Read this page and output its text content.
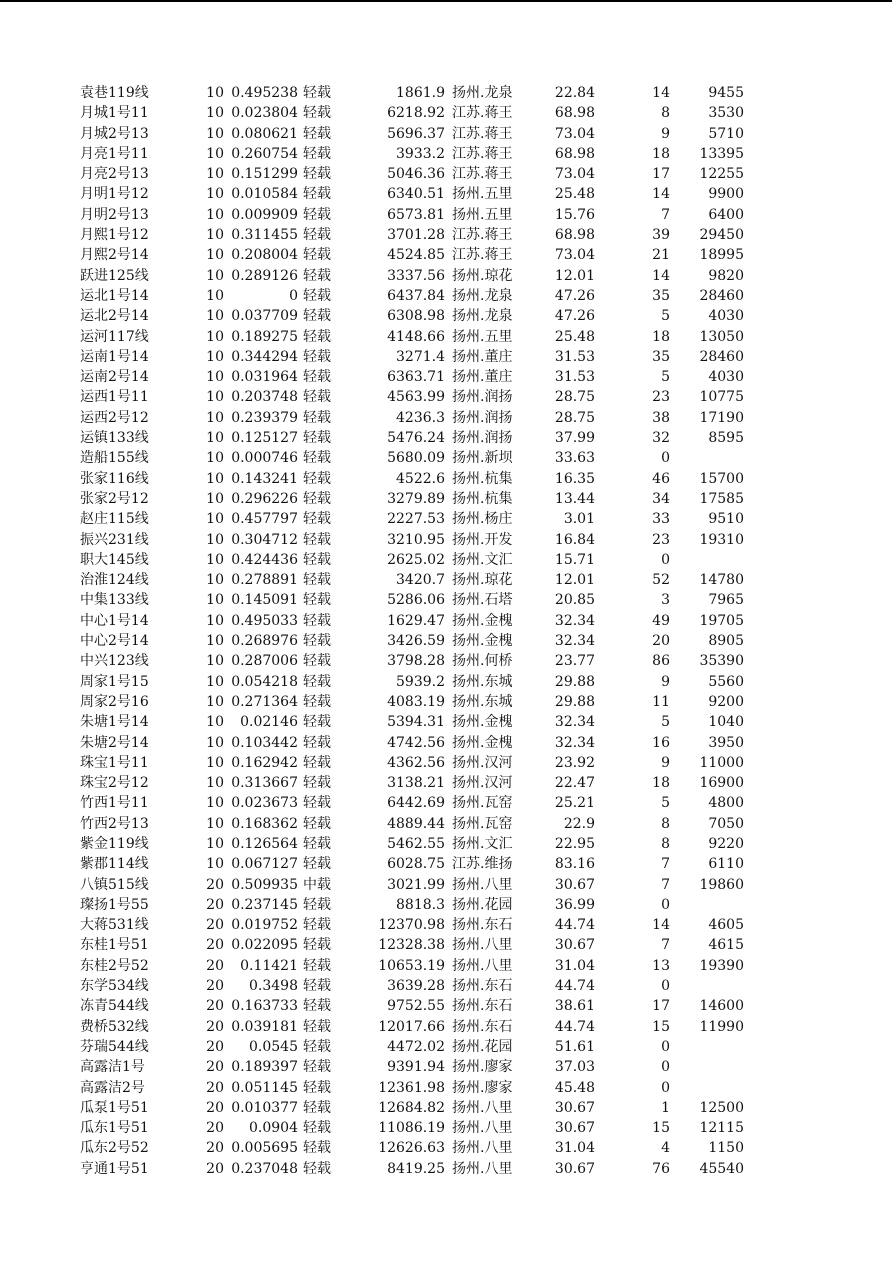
袁巷119线	10 0.495238 轻载	1861.9 扬州.龙泉	22.84	14	9455
月城1号11	10 0.023804 轻载	6218.92 江苏.蒋王	68.98	8	3530
月城2号13	10 0.080621 轻载	5696.37 江苏.蒋王	73.04	9	5710
月亮1号11	10 0.260754 轻载	3933.2 江苏.蒋王	68.98	18	13395
月亮2号13	10 0.151299 轻载	5046.36 江苏.蒋王	73.04	17	12255
月明1号12	10 0.010584 轻载	6340.51 扬州.五里	25.48	14	9900
月明2号13	10 0.009909 轻载	6573.81 扬州.五里	15.76	7	6400
月熙1号12	10 0.311455 轻载	3701.28 江苏.蒋王	68.98	39	29450
月熙2号14	10 0.208004 轻载	4524.85 江苏.蒋王	73.04	21	18995
跃进125线	10 0.289126 轻载	3337.56 扬州.琼花	12.01	14	9820
运北1号14	10	0 轻载	6437.84 扬州.龙泉	47.26	35	28460
运北2号14	10 0.037709 轻载	6308.98 扬州.龙泉	47.26	5	4030
运河117线	10 0.189275 轻载	4148.66 扬州.五里	25.48	18	13050
运南1号14	10 0.344294 轻载	3271.4 扬州.董庄	31.53	35	28460
运南2号14	10 0.031964 轻载	6363.71 扬州.董庄	31.53	5	4030
运西1号11	10 0.203748 轻载	4563.99 扬州.润扬	28.75	23	10775
运西2号12	10 0.239379 轻载	4236.3 扬州.润扬	28.75	38	17190
运镇133线	10 0.125127 轻载	5476.24 扬州.润扬	37.99	32	8595
造船155线	10 0.000746 轻载	5680.09 扬州.新坝	33.63	0
张家116线	10 0.143241 轻载	4522.6 扬州.杭集	16.35	46	15700
张家2号12	10 0.296226 轻载	3279.89 扬州.杭集	13.44	34	17585
赵庄115线	10 0.457797 轻载	2227.53 扬州.杨庄	3.01	33	9510
振兴231线	10 0.304712 轻载	3210.95 扬州.开发	16.84	23	19310
职大145线	10 0.424436 轻载	2625.02 扬州.文汇	15.71	0
治淮124线	10 0.278891 轻载	3420.7 扬州.琼花	12.01	52	14780
中集133线	10 0.145091 轻载	5286.06 扬州.石塔	20.85	3	7965
中心1号14	10 0.495033 轻载	1629.47 扬州.金槐	32.34	49	19705
中心2号14	10 0.268976 轻载	3426.59 扬州.金槐	32.34	20	8905
中兴123线	10 0.287006 轻载	3798.28 扬州.何桥	23.77	86	35390
周家1号15	10 0.054218 轻载	5939.2 扬州.东城	29.88	9	5560
周家2号16	10 0.271364 轻载	4083.19 扬州.东城	29.88	11	9200
朱塘1号14	10	0.02146 轻载	5394.31 扬州.金槐	32.34	5	1040
朱塘2号14	10 0.103442 轻载	4742.56 扬州.金槐	32.34	16	3950
珠宝1号11	10 0.162942 轻载	4362.56 扬州.汉河	23.92	9	11000
珠宝2号12	10 0.313667 轻载	3138.21 扬州.汉河	22.47	18	16900
竹西1号11	10 0.023673 轻载	6442.69 扬州.瓦窑	25.21	5	4800
竹西2号13	10 0.168362 轻载	4889.44 扬州.瓦窑	22.9	8	7050
紫金119线	10 0.126564 轻载	5462.55 扬州.文汇	22.95	8	9220
紫郡114线	10 0.067127 轻载	6028.75 江苏.维扬	83.16	7	6110
八镇515线	20 0.509935 中载	3021.99 扬州.八里	30.67	7	19860
璨扬1号55	20 0.237145 轻载	8818.3 扬州.花园	36.99	0
大蒋531线	20 0.019752 轻载	12370.98 扬州.东石	44.74	14	4605
东桂1号51	20 0.022095 轻载	12328.38 扬州.八里	30.67	7	4615
东桂2号52	20	0.11421 轻载	10653.19 扬州.八里	31.04	13	19390
东学534线	20	0.3498 轻载	3639.28 扬州.东石	44.74	0
冻青544线	20 0.163733 轻载	9752.55 扬州.东石	38.61	17	14600
费桥532线	20 0.039181 轻载	12017.66 扬州.东石	44.74	15	11990
芬瑞544线	20	0.0545 轻载	4472.02 扬州.花园	51.61	0
高露洁1号	20 0.189397 轻载	9391.94 扬州.廖家	37.03	0
高露洁2号	20 0.051145 轻载	12361.98 扬州.廖家	45.48	0
瓜泵1号51	20 0.010377 轻载	12684.82 扬州.八里	30.67	1	12500
瓜东1号51	20	0.0904 轻载	11086.19 扬州.八里	30.67	15	12115
瓜东2号52	20 0.005695 轻载	12626.63 扬州.八里	31.04	4	1150
亨通1号51	20 0.237048 轻载	8419.25 扬州.八里	30.67	76	45540
